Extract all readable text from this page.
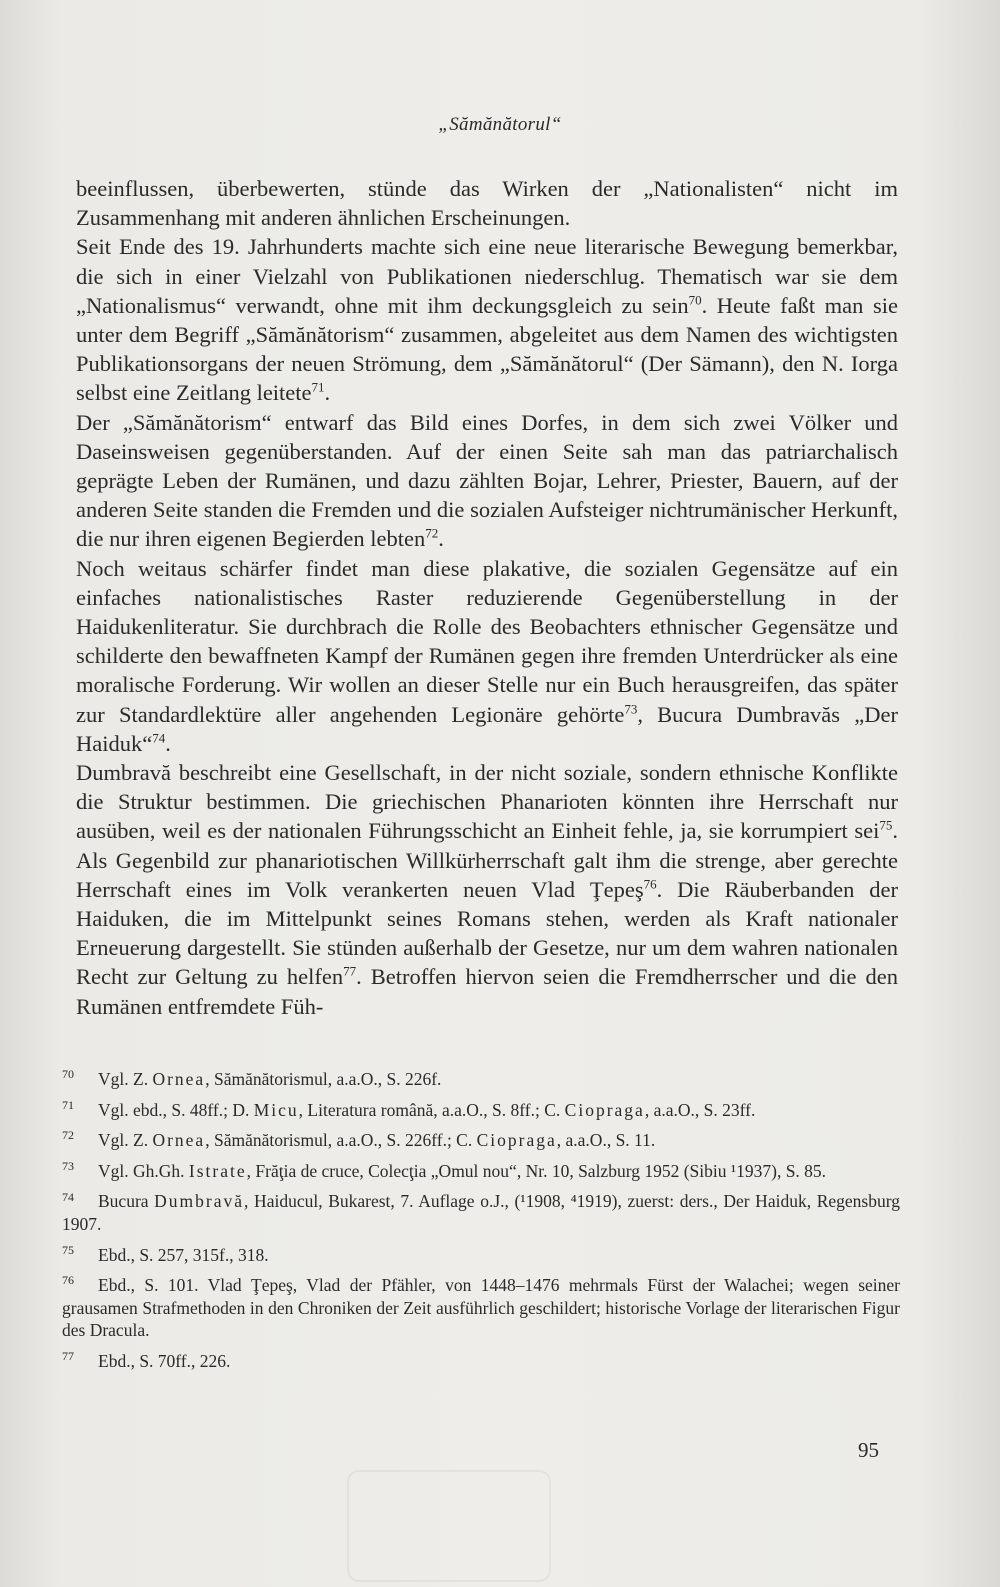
„Sămănătorul“

beeinflussen, überbewerten, stünde das Wirken der „Nationalisten“ nicht im Zusammenhang mit anderen ähnlichen Erscheinungen.

Seit Ende des 19. Jahrhunderts machte sich eine neue literarische Bewegung bemerkbar, die sich in einer Vielzahl von Publikationen niederschlug. Thematisch war sie dem „Nationalismus“ verwandt, ohne mit ihm deckungsgleich zu sein$^{70}$. Heute faßt man sie unter dem Begriff „Sămănătorism“ zusammen, abgeleitet aus dem Namen des wichtigsten Publikationsorgans der neuen Strömung, dem „Sămănătorul“ (Der Sämann), den N. Iorga selbst eine Zeitlang leitete$^{71}$.

Der „Sămănătorism“ entwarf das Bild eines Dorfes, in dem sich zwei Völker und Daseinsweisen gegenüberstanden. Auf der einen Seite sah man das patriarchalisch geprägte Leben der Rumänen, und dazu zählten Bojar, Lehrer, Priester, Bauern, auf der anderen Seite standen die Fremden und die sozialen Aufsteiger nichtrumänischer Herkunft, die nur ihren eigenen Begierden lebten$^{72}$.

Noch weitaus schärfer findet man diese plakative, die sozialen Gegensätze auf ein einfaches nationalistisches Raster reduzierende Gegenüberstellung in der Haidukenliteratur. Sie durchbrach die Rolle des Beobachters ethnischer Gegensätze und schilderte den bewaffneten Kampf der Rumänen gegen ihre fremden Unterdrücker als eine moralische Forderung. Wir wollen an dieser Stelle nur ein Buch herausgreifen, das später zur Standardlektüre aller angehenden Legionäre gehörte$^{73}$, Bucura Dumbravăs „Der Haiduk“$^{74}$.

Dumbravă beschreibt eine Gesellschaft, in der nicht soziale, sondern ethnische Konflikte die Struktur bestimmen. Die griechischen Phanarioten könnten ihre Herrschaft nur ausüben, weil es der nationalen Führungsschicht an Einheit fehle, ja, sie korrumpiert sei$^{75}$. Als Gegenbild zur phanariotischen Willkürherrschaft galt ihm die strenge, aber gerechte Herrschaft eines im Volk verankerten neuen Vlad Ţepeş$^{76}$. Die Räuberbanden der Haiduken, die im Mittelpunkt seines Romans stehen, werden als Kraft nationaler Erneuerung dargestellt. Sie stünden außerhalb der Gesetze, nur um dem wahren nationalen Recht zur Geltung zu helfen$^{77}$. Betroffen hiervon seien die Fremdherrscher und die den Rumänen entfremdete Füh-

70 Vgl. Z. Ornea, Sămănătorismul, a.a.O., S. 226f.
71 Vgl. ebd., S. 48ff.; D. Micu, Literatura română, a.a.O., S. 8ff.; C. Ciopraga, a.a.O., S. 23ff.
72 Vgl. Z. Ornea, Sămănătorismul, a.a.O., S. 226ff.; C. Ciopraga, a.a.O., S. 11.
73 Vgl. Gh.Gh. Istrate, Frăţia de cruce, Colecţia „Omul nou“, Nr. 10, Salzburg 1952 (Sibiu ¹1937), S. 85.
74 Bucura Dumbravă, Haiducul, Bukarest, 7. Auflage o.J., (¹1908, ⁴1919), zuerst: ders., Der Haiduk, Regensburg 1907.
75 Ebd., S. 257, 315f., 318.
76 Ebd., S. 101. Vlad Ţepeş, Vlad der Pfähler, von 1448–1476 mehrmals Fürst der Walachei; wegen seiner grausamen Strafmethoden in den Chroniken der Zeit ausführlich geschildert; historische Vorlage der literarischen Figur des Dracula.
77 Ebd., S. 70ff., 226.
95
